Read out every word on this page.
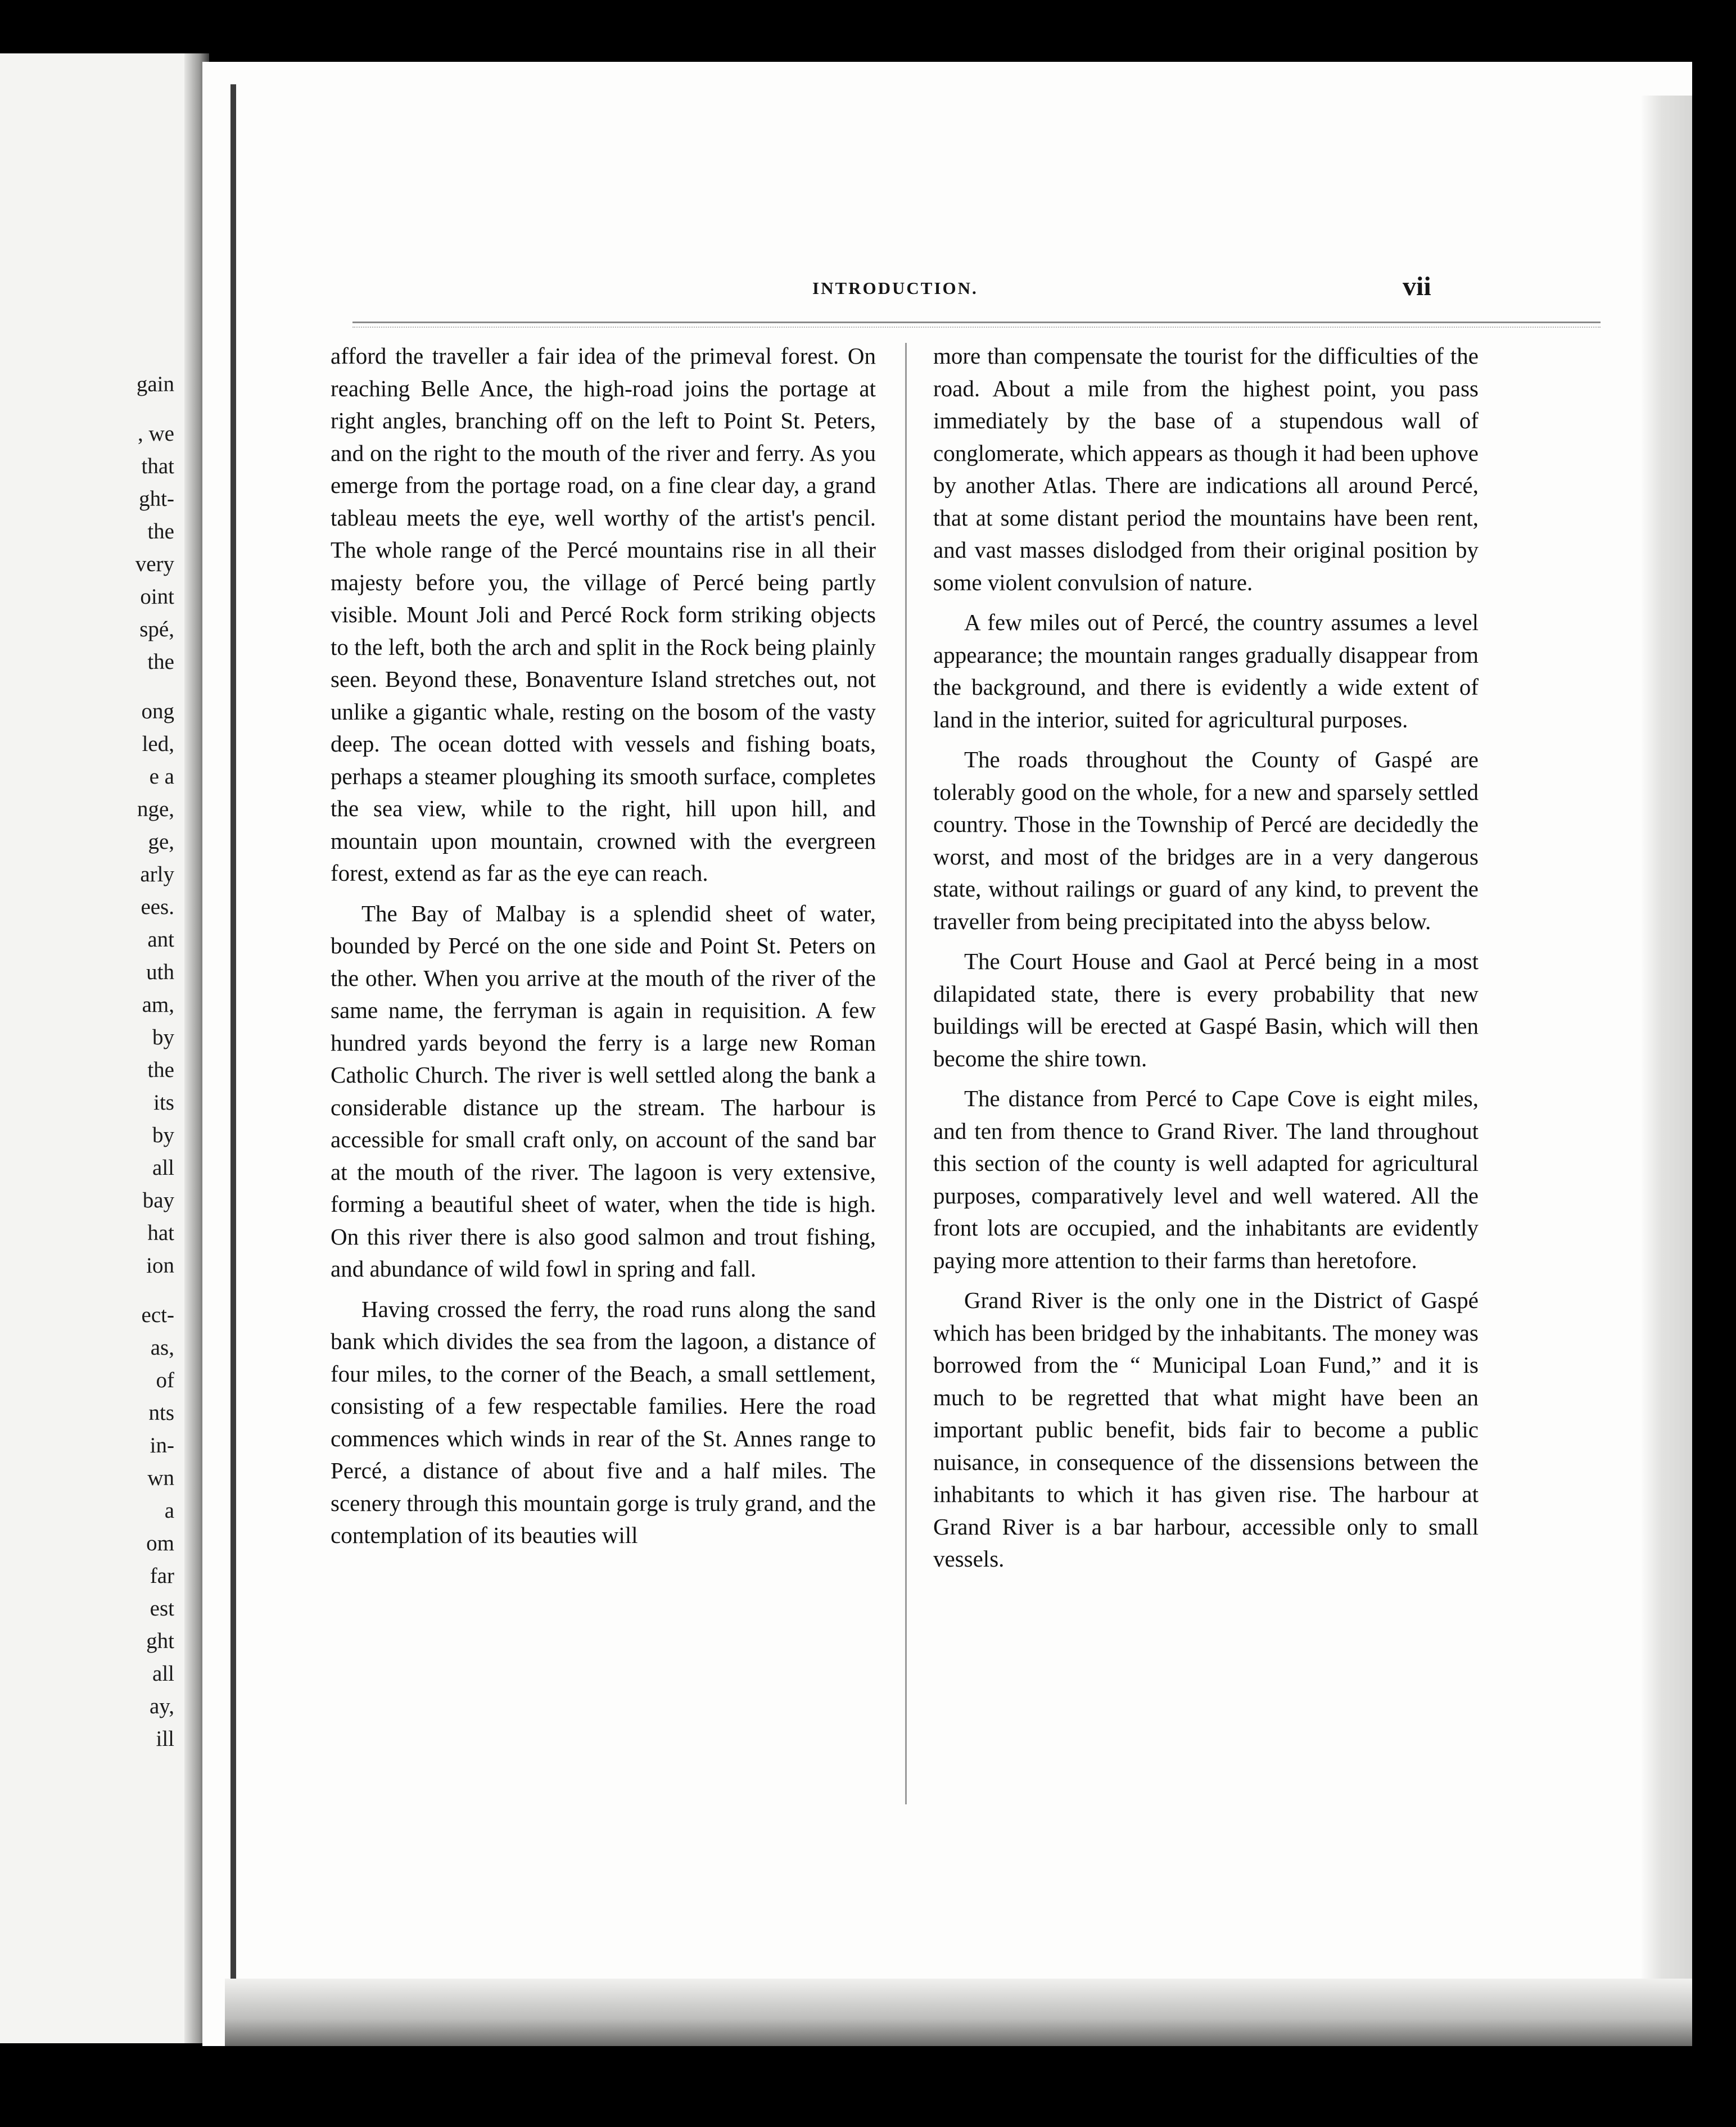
gain
, we
that
ght-
the
very
oint
spé,
the
ong
led,
e a
nge,
ge,
arly
ees.
ant
uth
am,
by
the
its
by
all
bay
hat
ion
ect-
as,
of
nts
in-
wn
a
om
far
est
ght
all
ay,
ill

INTRODUCTION.	vii

afford the traveller a fair idea of the primeval forest. On reaching Belle Ance, the high-road joins the portage at right angles, branching off on the left to Point St. Peters, and on the right to the mouth of the river and ferry. As you emerge from the portage road, on a fine clear day, a grand tableau meets the eye, well worthy of the artist's pencil. The whole range of the Percé mountains rise in all their majesty before you, the village of Percé being partly visible. Mount Joli and Percé Rock form striking objects to the left, both the arch and split in the Rock being plainly seen. Beyond these, Bonaventure Island stretches out, not unlike a gigantic whale, resting on the bosom of the vasty deep. The ocean dotted with vessels and fishing boats, perhaps a steamer ploughing its smooth surface, completes the sea view, while to the right, hill upon hill, and mountain upon mountain, crowned with the evergreen forest, extend as far as the eye can reach.

The Bay of Malbay is a splendid sheet of water, bounded by Percé on the one side and Point St. Peters on the other. When you arrive at the mouth of the river of the same name, the ferryman is again in requisition. A few hundred yards beyond the ferry is a large new Roman Catholic Church. The river is well settled along the bank a considerable distance up the stream. The harbour is accessible for small craft only, on account of the sand bar at the mouth of the river. The lagoon is very extensive, forming a beautiful sheet of water, when the tide is high. On this river there is also good salmon and trout fishing, and abundance of wild fowl in spring and fall.

Having crossed the ferry, the road runs along the sand bank which divides the sea from the lagoon, a distance of four miles, to the corner of the Beach, a small settlement, consisting of a few respectable families. Here the road commences which winds in rear of the St. Annes range to Percé, a distance of about five and a half miles. The scenery through this mountain gorge is truly grand, and the contemplation of its beauties will

more than compensate the tourist for the difficulties of the road. About a mile from the highest point, you pass immediately by the base of a stupendous wall of conglomerate, which appears as though it had been uphove by another Atlas. There are indications all around Percé, that at some distant period the mountains have been rent, and vast masses dislodged from their original position by some violent convulsion of nature.

A few miles out of Percé, the country assumes a level appearance; the mountain ranges gradually disappear from the background, and there is evidently a wide extent of land in the interior, suited for agricultural purposes.

The roads throughout the County of Gaspé are tolerably good on the whole, for a new and sparsely settled country. Those in the Township of Percé are decidedly the worst, and most of the bridges are in a very dangerous state, without railings or guard of any kind, to prevent the traveller from being precipitated into the abyss below.

The Court House and Gaol at Percé being in a most dilapidated state, there is every probability that new buildings will be erected at Gaspé Basin, which will then become the shire town.

The distance from Percé to Cape Cove is eight miles, and ten from thence to Grand River. The land throughout this section of the county is well adapted for agricultural purposes, comparatively level and well watered. All the front lots are occupied, and the inhabitants are evidently paying more attention to their farms than heretofore.

Grand River is the only one in the District of Gaspé which has been bridged by the inhabitants. The money was borrowed from the “ Municipal Loan Fund,” and it is much to be regretted that what might have been an important public benefit, bids fair to become a public nuisance, in consequence of the dissensions between the inhabitants to which it has given rise. The harbour at Grand River is a bar harbour, accessible only to small vessels.
